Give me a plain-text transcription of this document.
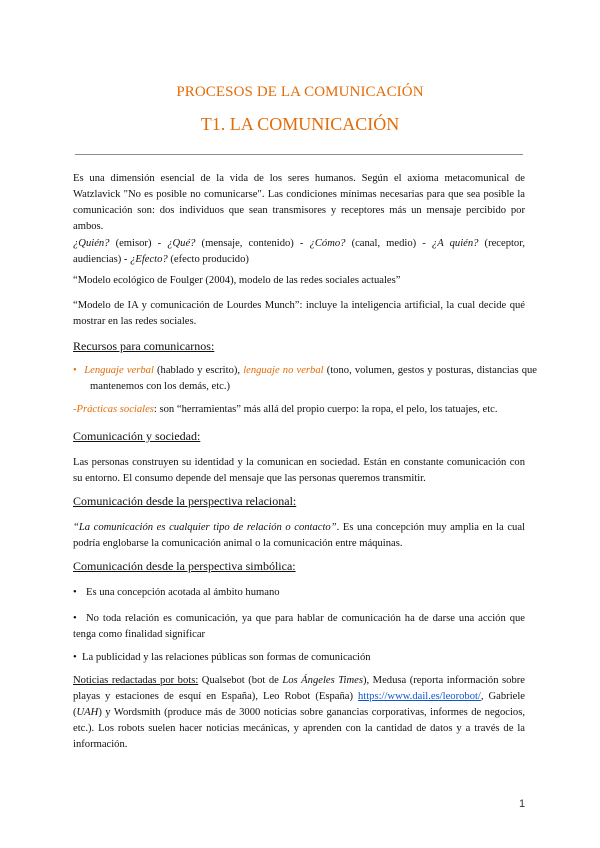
PROCESOS DE LA COMUNICACIÓN
T1. LA COMUNICACIÓN
Es una dimensión esencial de la vida de los seres humanos. Según el axioma metacomunical de Watzlavick "No es posible no comunicarse". Las condiciones mínimas necesarias para que sea posible la comunicación son: dos individuos que sean transmisores y receptores más un mensaje percibido por ambos.
¿Quién? (emisor) - ¿Qué? (mensaje, contenido) - ¿Cómo? (canal, medio) - ¿A quién? (receptor, audiencias) - ¿Efecto? (efecto producido)
“Modelo ecológico de Foulger (2004), modelo de las redes sociales actuales”
“Modelo de IA y comunicación de Lourdes Munch”: incluye la inteligencia artificial, la cual decide qué mostrar en las redes sociales.
Recursos para comunicarnos:
• Lenguaje verbal (hablado y escrito), lenguaje no verbal (tono, volumen, gestos y posturas, distancias que mantenemos con los demás, etc.)
-Prácticas sociales: son “herramientas” más allá del propio cuerpo: la ropa, el pelo, los tatuajes, etc.
Comunicación y sociedad:
Las personas construyen su identidad y la comunican en sociedad. Están en constante comunicación con su entorno. El consumo depende del mensaje que las personas queremos transmitir.
Comunicación desde la perspectiva relacional:
“La comunicación es cualquier tipo de relación o contacto”. Es una concepción muy amplia en la cual podría englobarse la comunicación animal o la comunicación entre máquinas.
Comunicación desde la perspectiva simbólica:
• Es una concepción acotada al ámbito humano
• No toda relación es comunicación, ya que para hablar de comunicación ha de darse una acción que tenga como finalidad significar
• La publicidad y las relaciones públicas son formas de comunicación
Noticias redactadas por bots: Qualsebot (bot de Los Ángeles Times), Medusa (reporta información sobre playas y estaciones de esquí en España), Leo Robot (España) https://www.dail.es/leorobot/, Gabriele (UAH) y Wordsmith (produce más de 3000 noticias sobre ganancias corporativas, informes de negocios, etc.). Los robots suelen hacer noticias mecánicas, y aprenden con la cantidad de datos y a través de la información.
1
